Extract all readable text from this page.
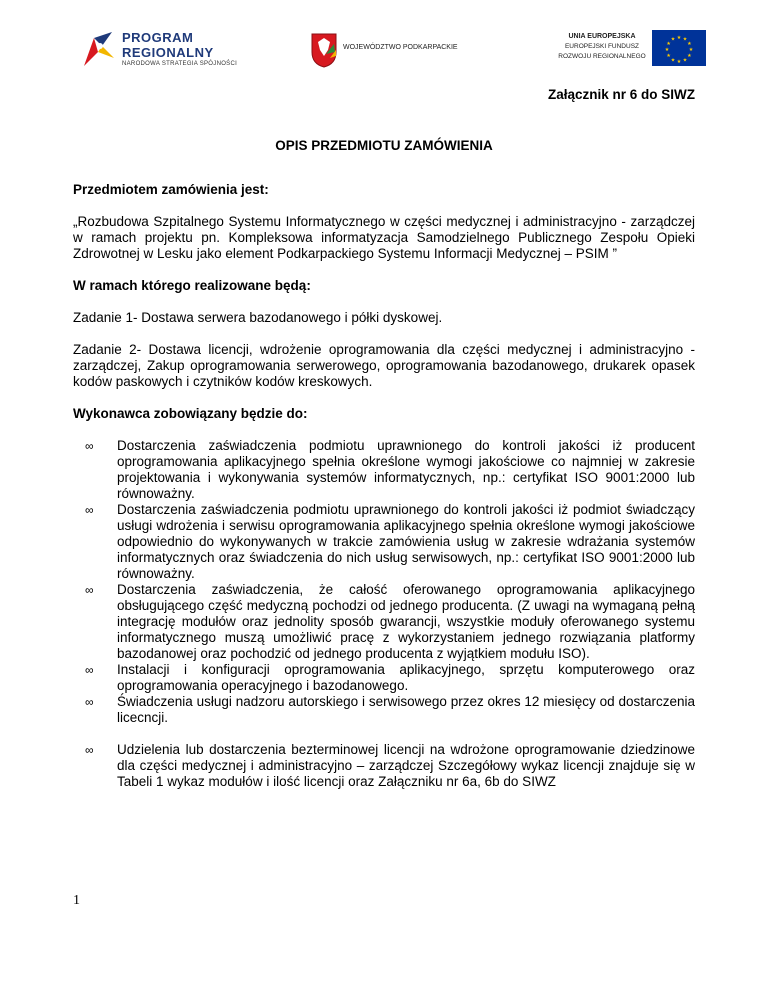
PROGRAM
REGIONALNY
NARODOWA STRATEGIA SPÓJNOŚCI
WOJEWÓDZTWO PODKARPACKIE
UNIA EUROPEJSKA
EUROPEJSKI FUNDUSZ
ROZWOJU REGIONALNEGO
★ ★
★
★
★
★
★
★
★
★
★
★
Załącznik nr 6 do SIWZ
OPIS PRZEDMIOTU ZAMÓWIENIA

Przedmiotem zamówienia jest:

„Rozbudowa Szpitalnego Systemu Informatycznego w części medycznej i administracyjno - zarządczej w ramach projektu pn. Kompleksowa informatyzacja Samodzielnego Publicznego Zespołu Opieki Zdrowotnej w Lesku jako element Podkarpackiego Systemu Informacji Medycznej – PSIM ”

W ramach którego realizowane będą:

Zadanie 1- Dostawa serwera bazodanowego i półki dyskowej.

Zadanie 2- Dostawa licencji, wdrożenie oprogramowania dla części medycznej i administracyjno - zarządczej, Zakup oprogramowania serwerowego, oprogramowania bazodanowego, drukarek opasek kodów paskowych i czytników kodów kreskowych.

Wykonawca zobowiązany będzie do:

∞ Dostarczenia zaświadczenia podmiotu uprawnionego do kontroli jakości iż producent oprogramowania aplikacyjnego spełnia określone wymogi jakościowe co najmniej w zakresie projektowania i wykonywania systemów informatycznych, np.: certyfikat ISO 9001:2000 lub równoważny.
∞ Dostarczenia zaświadczenia podmiotu uprawnionego do kontroli jakości iż podmiot świadczący usługi wdrożenia i serwisu oprogramowania aplikacyjnego spełnia określone wymogi jakościowe odpowiednio do wykonywanych w trakcie zamówienia usług w zakresie wdrażania systemów informatycznych oraz świadczenia do nich usług serwisowych, np.: certyfikat ISO 9001:2000 lub równoważny.
∞ Dostarczenia zaświadczenia, że całość oferowanego oprogramowania aplikacyjnego obsługującego część medyczną pochodzi od jednego producenta. (Z uwagi na wymaganą pełną integrację modułów oraz jednolity sposób gwarancji, wszystkie moduły oferowanego systemu informatycznego muszą umożliwić pracę z wykorzystaniem jednego rozwiązania platformy bazodanowej oraz pochodzić od jednego producenta z wyjątkiem modułu ISO).
∞ Instalacji i konfiguracji oprogramowania aplikacyjnego, sprzętu komputerowego oraz oprogramowania operacyjnego i bazodanowego.
∞ Świadczenia usługi nadzoru autorskiego i serwisowego przez okres 12 miesięcy od dostarczenia licecncji.
∞ Udzielenia lub dostarczenia bezterminowej licencji na wdrożone oprogramowanie dziedzinowe dla części medycznej i administracyjno – zarządczej Szczegółowy wykaz licencji znajduje się w Tabeli 1 wykaz modułów i ilość licencji oraz Załączniku nr 6a, 6b do SIWZ
1
